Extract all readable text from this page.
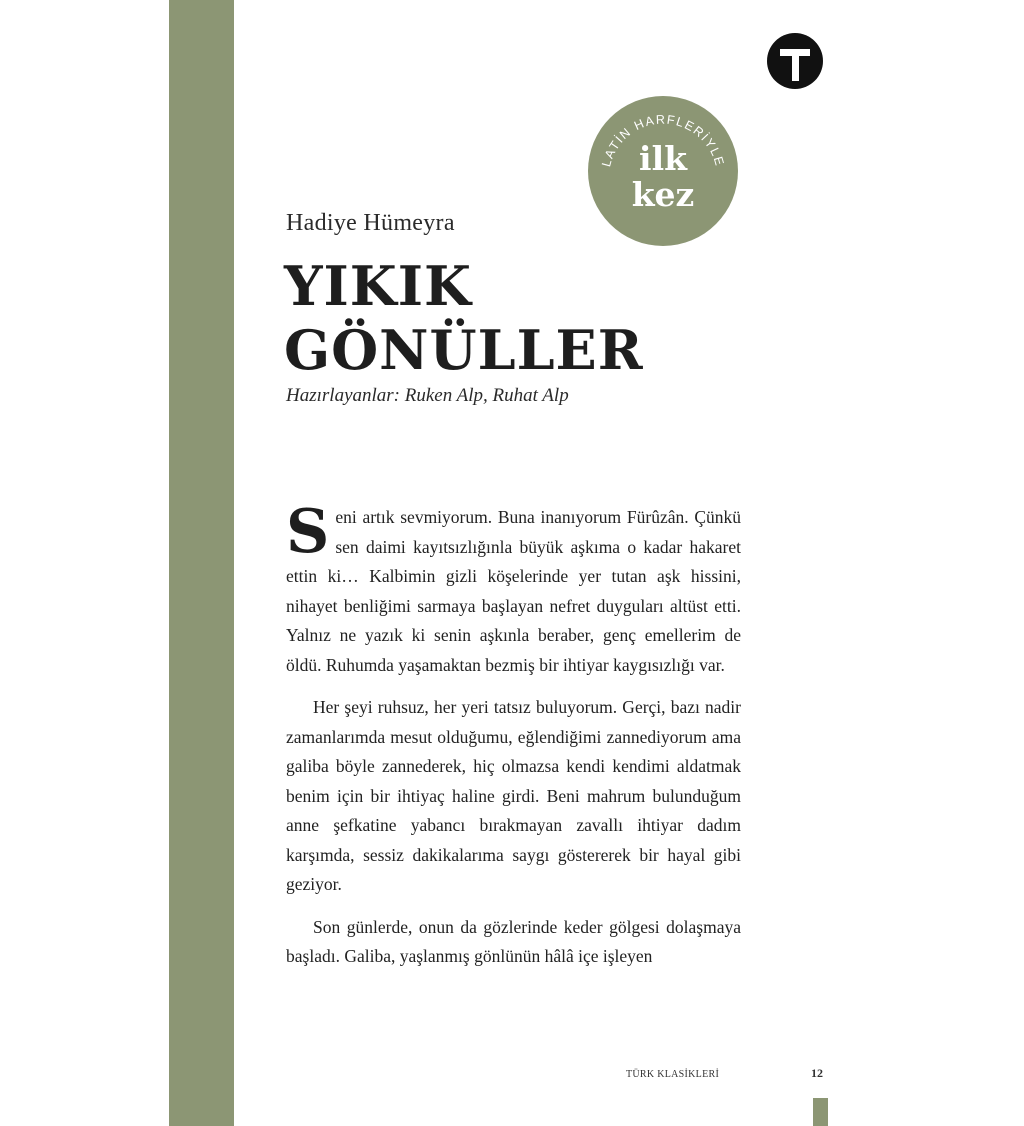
LATİN HARFLERİYLE
ilk
kez
Hadiye Hümeyra
YIKIK
GÖNÜLLER
Hazırlayanlar: Ruken Alp, Ruhat Alp

Seni artık sevmiyorum. Buna inanıyorum Fürûzân. Çünkü sen daimi kayıtsızlığınla büyük aşkıma o kadar hakaret ettin ki… Kalbimin gizli köşelerinde yer tutan aşk hissini, nihayet benliğimi sarmaya başlayan nefret duyguları altüst etti. Yalnız ne yazık ki senin aşkınla beraber, genç emellerim de öldü. Ruhumda yaşamaktan bezmiş bir ihtiyar kaygısızlığı var.

Her şeyi ruhsuz, her yeri tatsız buluyorum. Gerçi, bazı nadir zamanlarımda mesut olduğumu, eğlendiğimi zannediyorum ama galiba böyle zannederek, hiç olmazsa kendi kendimi aldatmak benim için bir ihtiyaç haline girdi. Beni mahrum bulunduğum anne şefkatine yabancı bırakmayan zavallı ihtiyar dadım karşımda, sessiz dakikalarıma saygı göstererek bir hayal gibi geziyor.

Son günlerde, onun da gözlerinde keder gölgesi dolaşmaya başladı. Galiba, yaşlanmış gönlünün hâlâ içe işleyen

TÜRK KLASİKLERİ	12
